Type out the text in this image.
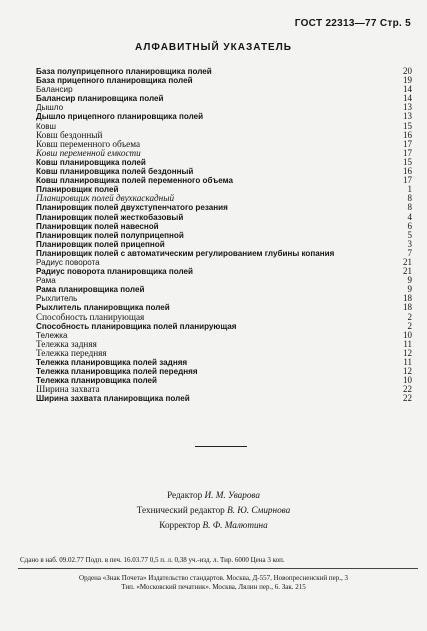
ГОСТ 22313—77 Стр. 5
АЛФАВИТНЫЙ УКАЗАТЕЛЬ
База полуприцепного планировщика полей	20
База прицепного планировщика полей	19
Балансир	14
Балансир планировщика полей	14
Дышло	13
Дышло прицепного планировщика полей	13
Ковш	15
Ковш бездонный	16
Ковш переменного объема	17
Ковш переменной емкости	17
Ковш планировщика полей	15
Ковш планировщика полей бездонный	16
Ковш планировщика полей переменного объема	17
Планировщик полей	1
Планировщик полей двухкаскадный	8
Планировщик полей двухступенчатого резания	8
Планировщик полей жесткобазовый	4
Планировщик полей навесной	6
Планировщик полей полуприцепной	5
Планировщик полей прицепной	3
Планировщик полей с автоматическим регулированием глубины копания	7
Радиус поворота	21
Радиус поворота планировщика полей	21
Рама	9
Рама планировщика полей	9
Рыхлитель	18
Рыхлитель планировщика полей	18
Способность планирующая	2
Способность планировщика полей планирующая	2
Тележка	10
Тележка задняя	11
Тележка передняя	12
Тележка планировщика полей задняя	11
Тележка планировщика полей передняя	12
Тележка планировщика полей	10
Ширина захвата	22
Ширина захвата планировщика полей	22
Редактор И. М. Уварова
Технический редактор В. Ю. Смирнова
Корректор В. Ф. Малютина
Сдано в наб. 09.02.77 Подп. в печ. 16.03.77 0,5 п. л. 0,38 уч.-изд. л. Тир. 6000 Цена 3 коп.
Ордена «Знак Почета» Издательство стандартов. Москва, Д-557, Новопресненский пер., 3
Тип. «Московский печатник». Москва, Лялин пер., 6. Зак. 215
